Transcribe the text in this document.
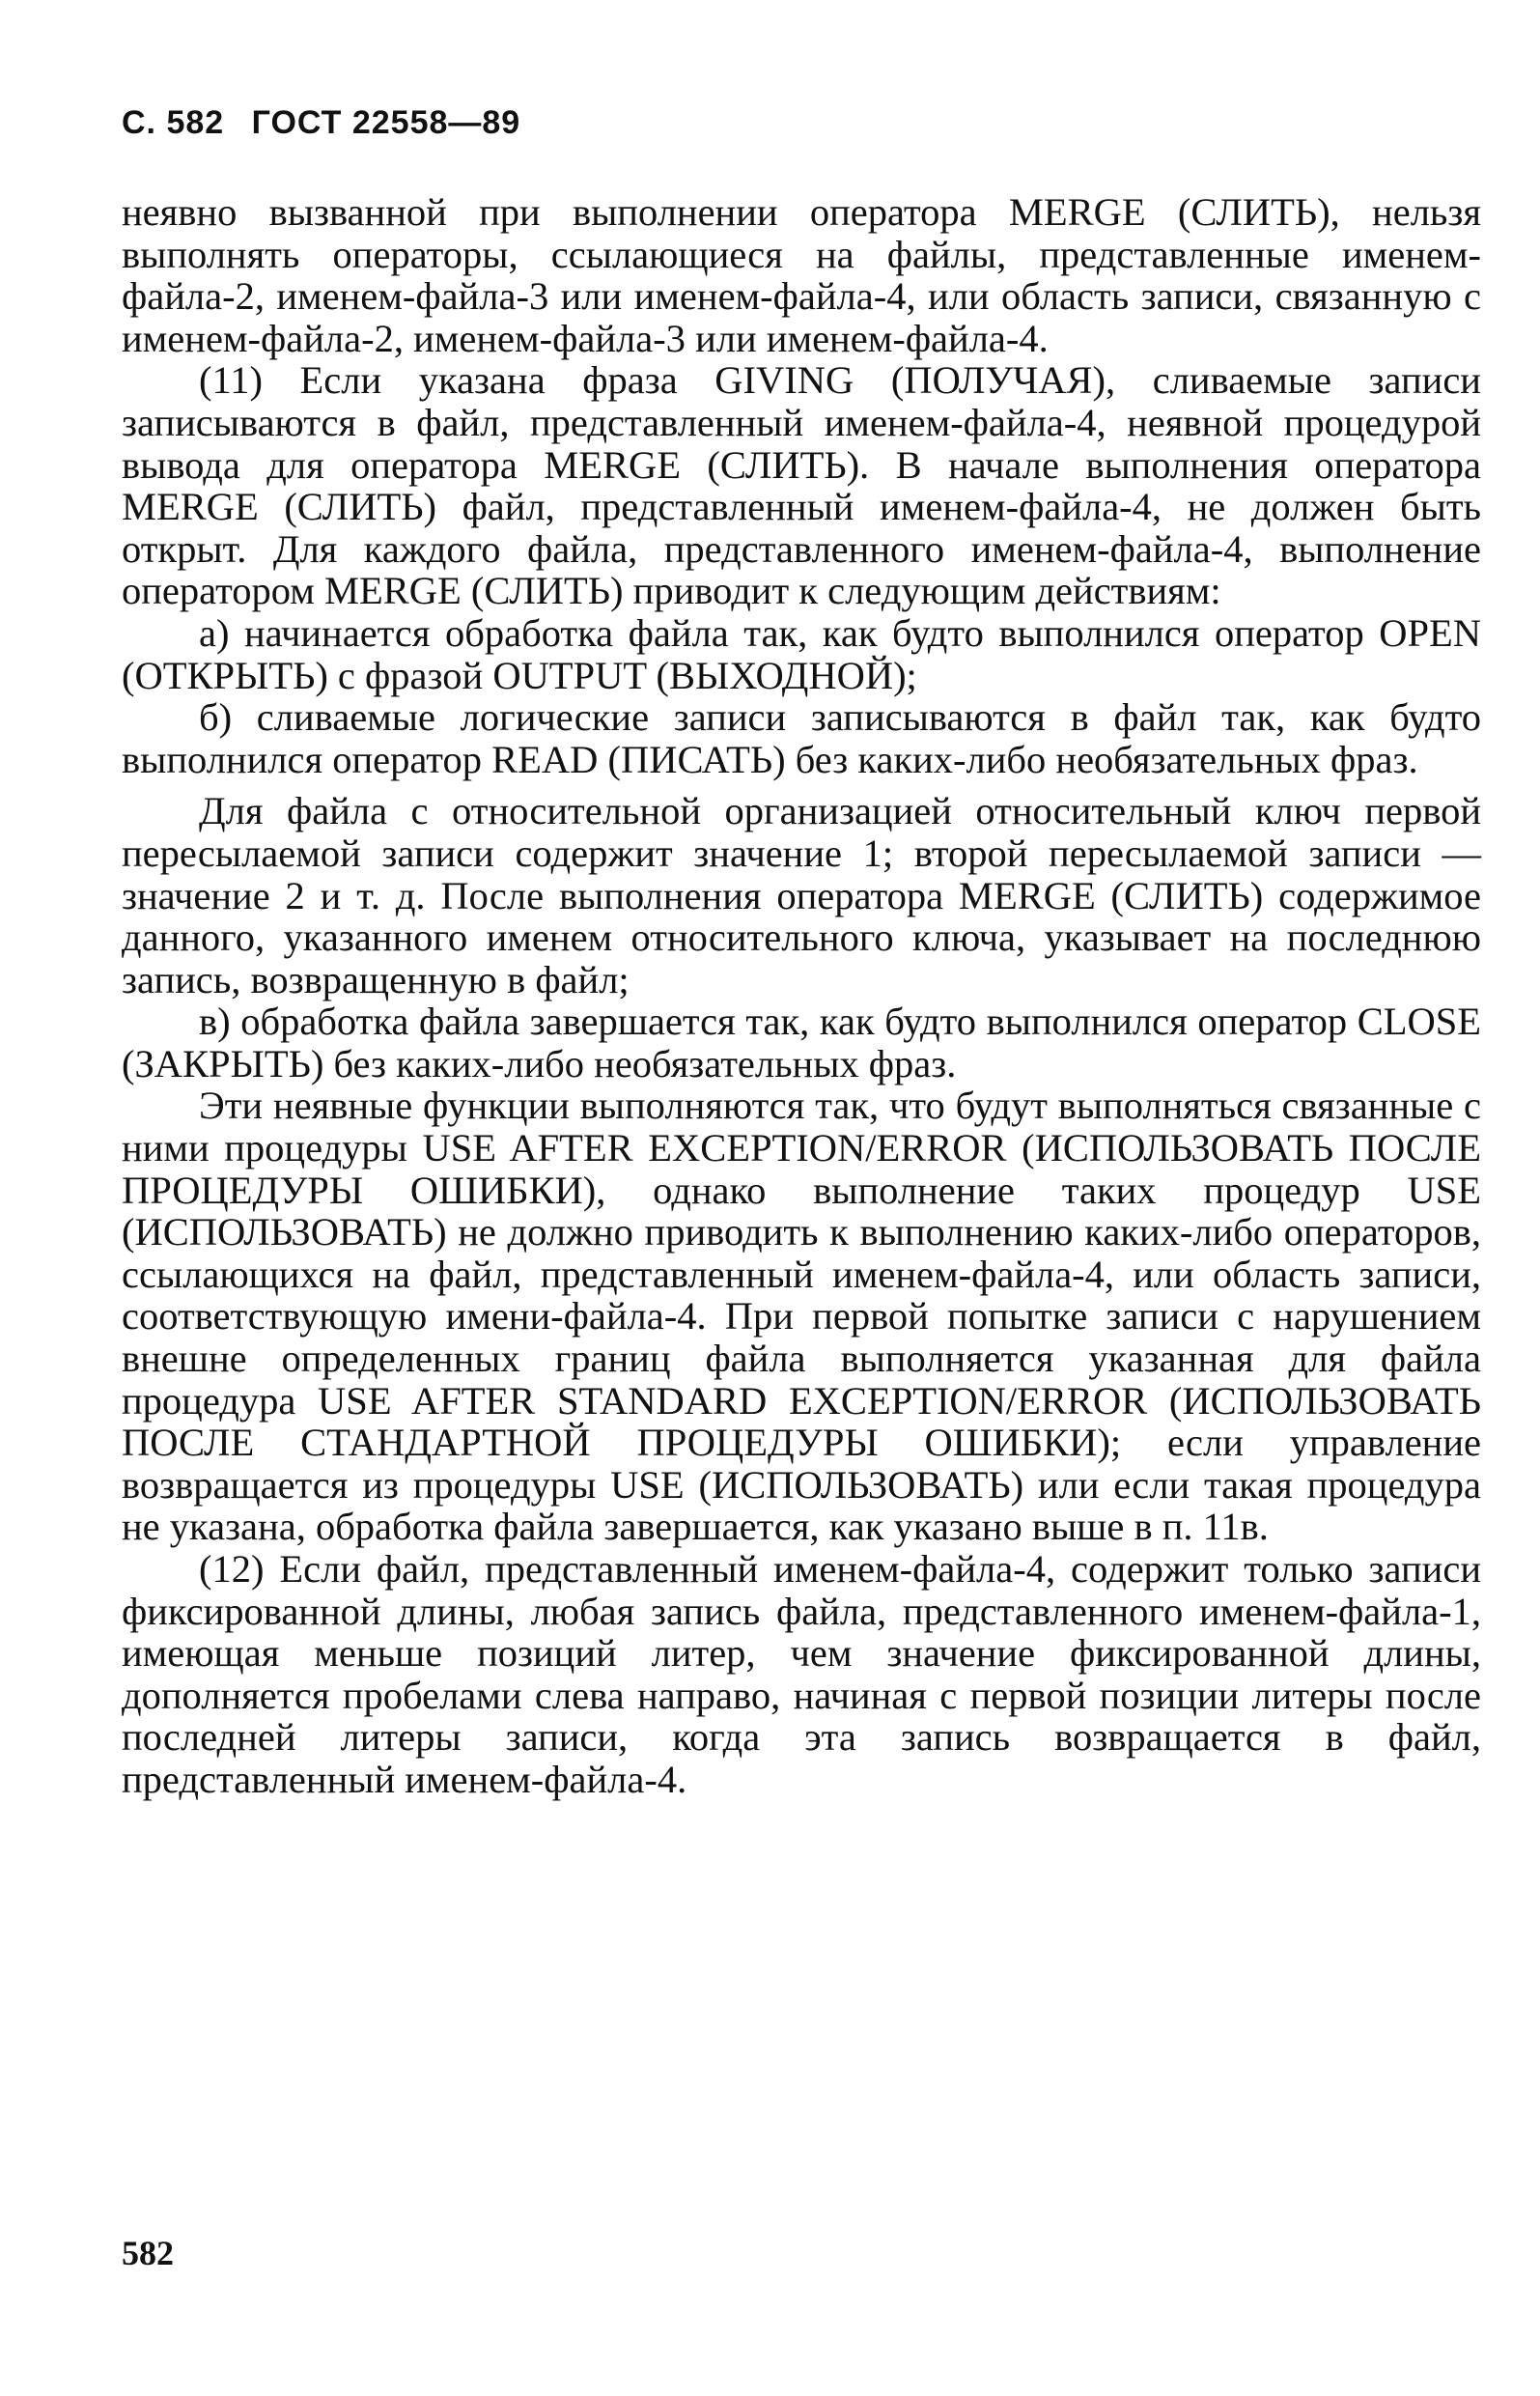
С. 582 ГОСТ 22558—89

неявно вызванной при выполнении оператора MERGE (СЛИТЬ), нельзя выполнять операторы, ссылающиеся на файлы, представленные именем-файла-2, именем-файла-3 или именем-файла-4, или область записи, связанную с именем-файла-2, именем-файла-3 или именем-файла-4.

(11) Если указана фраза GIVING (ПОЛУЧАЯ), сливаемые записи записываются в файл, представленный именем-файла-4, неявной процедурой вывода для оператора MERGE (СЛИТЬ). В начале выполнения оператора MERGE (СЛИТЬ) файл, представленный именем-файла-4, не должен быть открыт. Для каждого файла, представленного именем-файла-4, выполнение оператором MERGE (СЛИТЬ) приводит к следующим действиям:

а) начинается обработка файла так, как будто выполнился оператор OPEN (ОТКРЫТЬ) с фразой OUTPUT (ВЫХОДНОЙ);

б) сливаемые логические записи записываются в файл так, как будто выполнился оператор READ (ПИСАТЬ) без каких-либо необязательных фраз.

Для файла с относительной организацией относительный ключ первой пересылаемой записи содержит значение 1; второй пересылаемой записи — значение 2 и т. д. После выполнения оператора MERGE (СЛИТЬ) содержимое данного, указанного именем относительного ключа, указывает на последнюю запись, возвращенную в файл;

в) обработка файла завершается так, как будто выполнился оператор CLOSE (ЗАКРЫТЬ) без каких-либо необязательных фраз.

Эти неявные функции выполняются так, что будут выполняться связанные с ними процедуры USE AFTER EXCEPTION/ERROR (ИСПОЛЬЗОВАТЬ ПОСЛЕ ПРОЦЕДУРЫ ОШИБКИ), однако выполнение таких процедур USE (ИСПОЛЬЗОВАТЬ) не должно приводить к выполнению каких-либо операторов, ссылающихся на файл, представленный именем-файла-4, или область записи, соответствующую имени-файла-4. При первой попытке записи с нарушением внешне определенных границ файла выполняется указанная для файла процедура USE AFTER STANDARD EXCEPTION/ERROR (ИСПОЛЬЗОВАТЬ ПОСЛЕ СТАНДАРТНОЙ ПРОЦЕДУРЫ ОШИБКИ); если управление возвращается из процедуры USE (ИСПОЛЬЗОВАТЬ) или если такая процедура не указана, обработка файла завершается, как указано выше в п. 11в.

(12) Если файл, представленный именем-файла-4, содержит только записи фиксированной длины, любая запись файла, представленного именем-файла-1, имеющая меньше позиций литер, чем значение фиксированной длины, дополняется пробелами слева направо, начиная с первой позиции литеры после последней литеры записи, когда эта запись возвращается в файл, представленный именем-файла-4.

582
